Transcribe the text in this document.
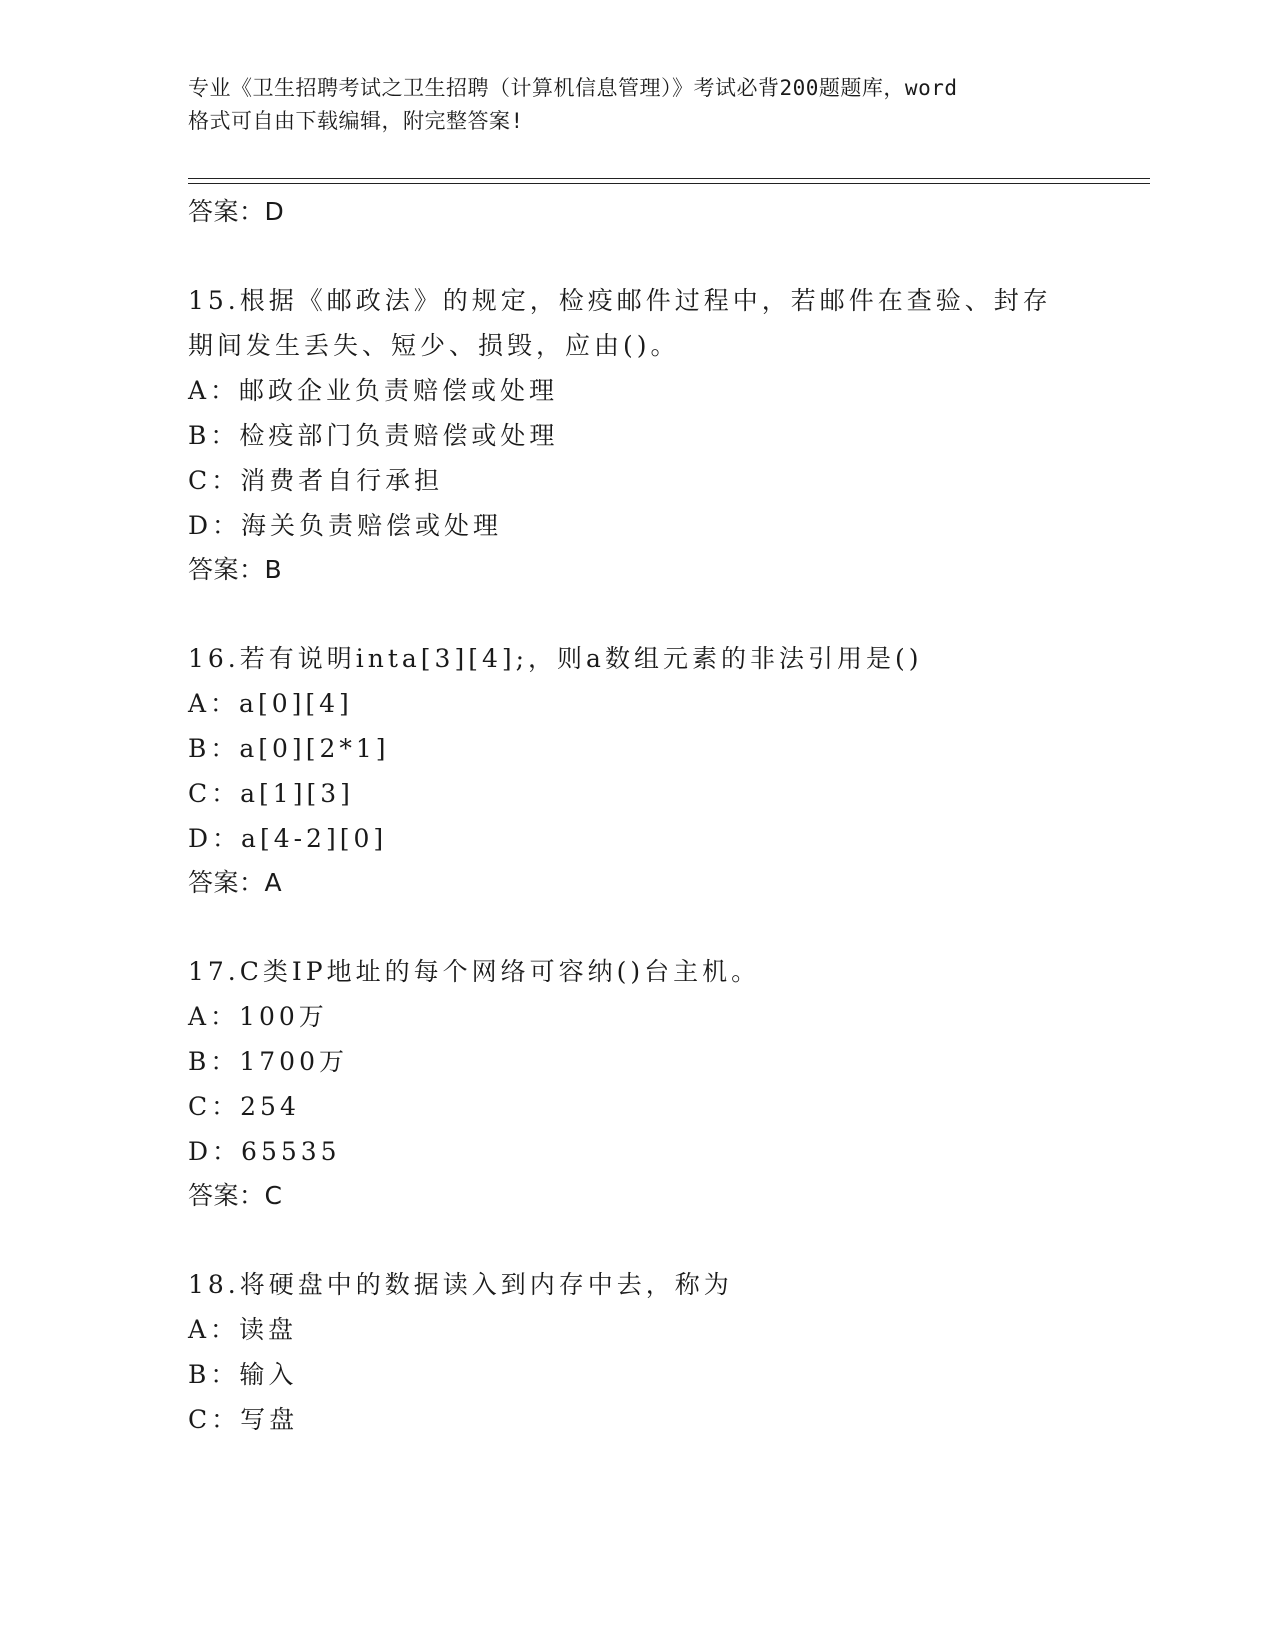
专业《卫生招聘考试之卫生招聘（计算机信息管理）》考试必背200题题库，word
格式可自由下载编辑，附完整答案!

答案：D

15.根据《邮政法》的规定，检疫邮件过程中，若邮件在查验、封存期间发生丢失、短少、损毁，应由()。

A：邮政企业负责赔偿或处理

B：检疫部门负责赔偿或处理

C：消费者自行承担

D：海关负责赔偿或处理

答案：B

16.若有说明inta[3][4];，则a数组元素的非法引用是()

A：a[0][4]

B：a[0][2*1]

C：a[1][3]

D：a[4-2][0]

答案：A

17.C类IP地址的每个网络可容纳()台主机。

A：100万

B：1700万

C：254

D：65535

答案：C

18.将硬盘中的数据读入到内存中去，称为

A：读盘

B：输入

C：写盘
